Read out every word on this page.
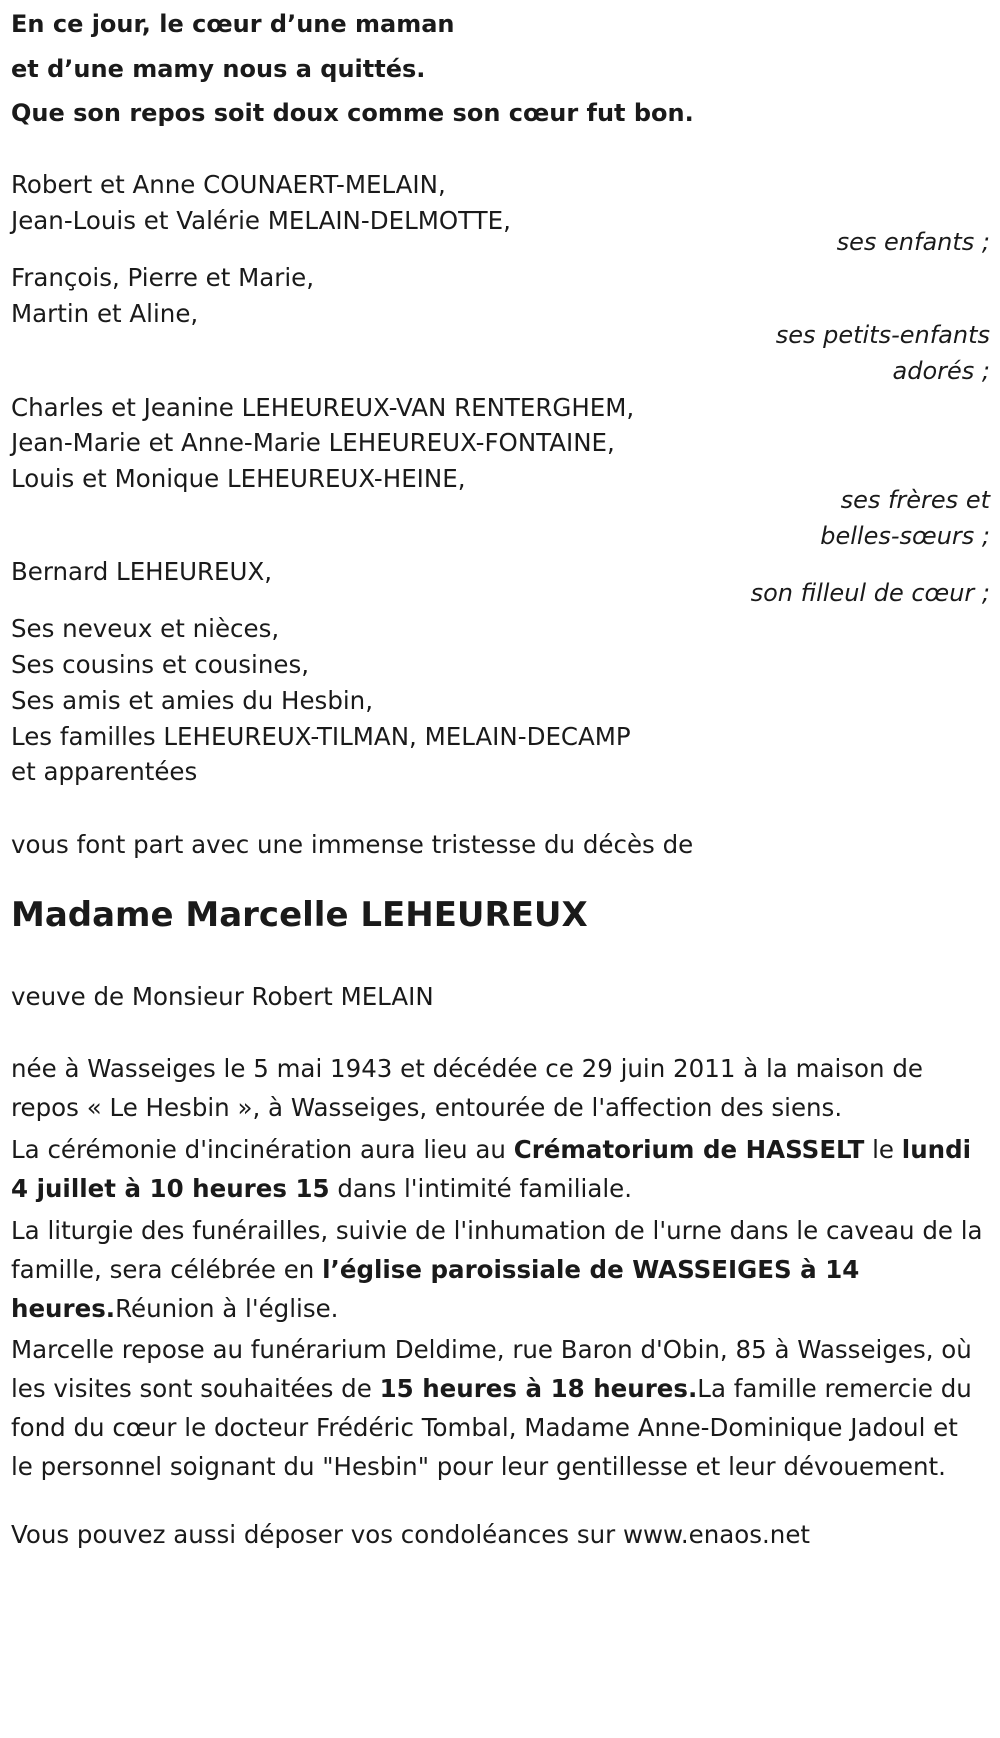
En ce jour, le cœur d’une maman
et d’une mamy nous a quittés.
Que son repos soit doux comme son cœur fut bon.
Robert et Anne COUNAERT-MELAIN,
Jean-Louis et Valérie MELAIN-DELMOTTE,
ses enfants ;
François, Pierre et Marie,
Martin et Aline,
ses petits-enfants
adorés ;
Charles et Jeanine LEHEUREUX-VAN RENTERGHEM,
Jean-Marie et Anne-Marie LEHEUREUX-FONTAINE,
Louis et Monique LEHEUREUX-HEINE,
ses frères et
belles-sœurs ;
Bernard LEHEUREUX,
son filleul de cœur ;
Ses neveux et nièces,
Ses cousins et cousines,
Ses amis et amies du Hesbin,
Les familles LEHEUREUX-TILMAN, MELAIN-DECAMP
et apparentées
vous font part avec une immense tristesse du décès de
Madame Marcelle LEHEUREUX
veuve de Monsieur Robert MELAIN
née à Wasseiges le 5 mai 1943 et décédée ce 29 juin 2011 à la maison de repos « Le Hesbin », à Wasseiges, entourée de l'affection des siens.
La cérémonie d'incinération aura lieu au Crématorium de HASSELT le lundi 4 juillet à 10 heures 15 dans l'intimité familiale.
La liturgie des funérailles, suivie de l'inhumation de l'urne dans le caveau de la famille, sera célébrée en l’église paroissiale de WASSEIGES à 14 heures.Réunion à l'église.
Marcelle repose au funérarium Deldime, rue Baron d'Obin, 85 à Wasseiges, où les visites sont souhaitées de 15 heures à 18 heures.La famille remercie du fond du cœur le docteur Frédéric Tombal, Madame Anne-Dominique Jadoul et le personnel soignant du "Hesbin" pour leur gentillesse et leur dévouement.
Vous pouvez aussi déposer vos condoléances sur www.enaos.net
